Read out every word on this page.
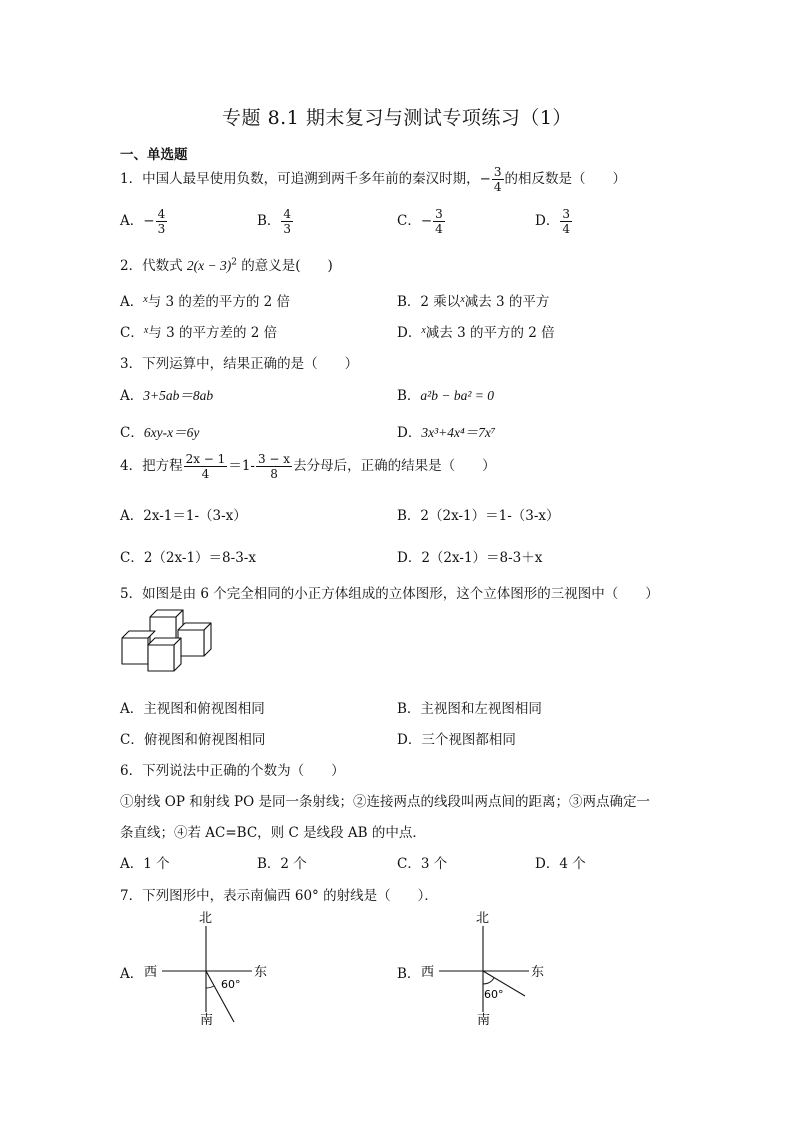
专题 8.1 期末复习与测试专项练习（1）
一、单选题
1．中国人最早使用负数，可追溯到两千多年前的秦汉时期，− $\frac{3}{4}$ 的相反数是（　　）
A．− $\frac{4}{3}$	B． $\frac{4}{3}$	C．− $\frac{3}{4}$	D． $\frac{3}{4}$
2．代数式 $2(x - 3)^2$ 的意义是(　　)
A．$^x$与 3 的差的平方的 2 倍	B．2 乘以$^x$减去 3 的平方
C．$^x$与 3 的平方差的 2 倍	D．$^x$减去 3 的平方的 2 倍
3．下列运算中，结果正确的是（　　）
A．3+5ab＝8ab	B．a²b − ba² = 0
C．6xy-x＝6y	D．3x³+4x⁴＝7x⁷
4．把方程 $\frac{2x - 1}{4} =1- \frac{3 - x}{8}$ 去分母后，正确的结果是（　　）
A．2x-1＝1-（3-x）	B．2（2x-1）＝1-（3-x）
C．2（2x-1）＝8-3-x	D．2（2x-1）＝8-3＋x
5．如图是由 6 个完全相同的小正方体组成的立体图形，这个立体图形的三视图中（　　）
A．主视图和俯视图相同	B．主视图和左视图相同
C．俯视图和俯视图相同	D．三个视图都相同
6．下列说法中正确的个数为（　　）
①射线 OP 和射线 PO 是同一条射线；②连接两点的线段叫两点间的距离；③两点确定一
条直线；④若 AC=BC，则 C 是线段 AB 的中点．
A．1 个	B．2 个	C．3 个	D．4 个
7．下列图形中，表示南偏西 60° 的射线是（　　）．
A．
北
西	东
南
60°
B．
北
西	东
南
60°
